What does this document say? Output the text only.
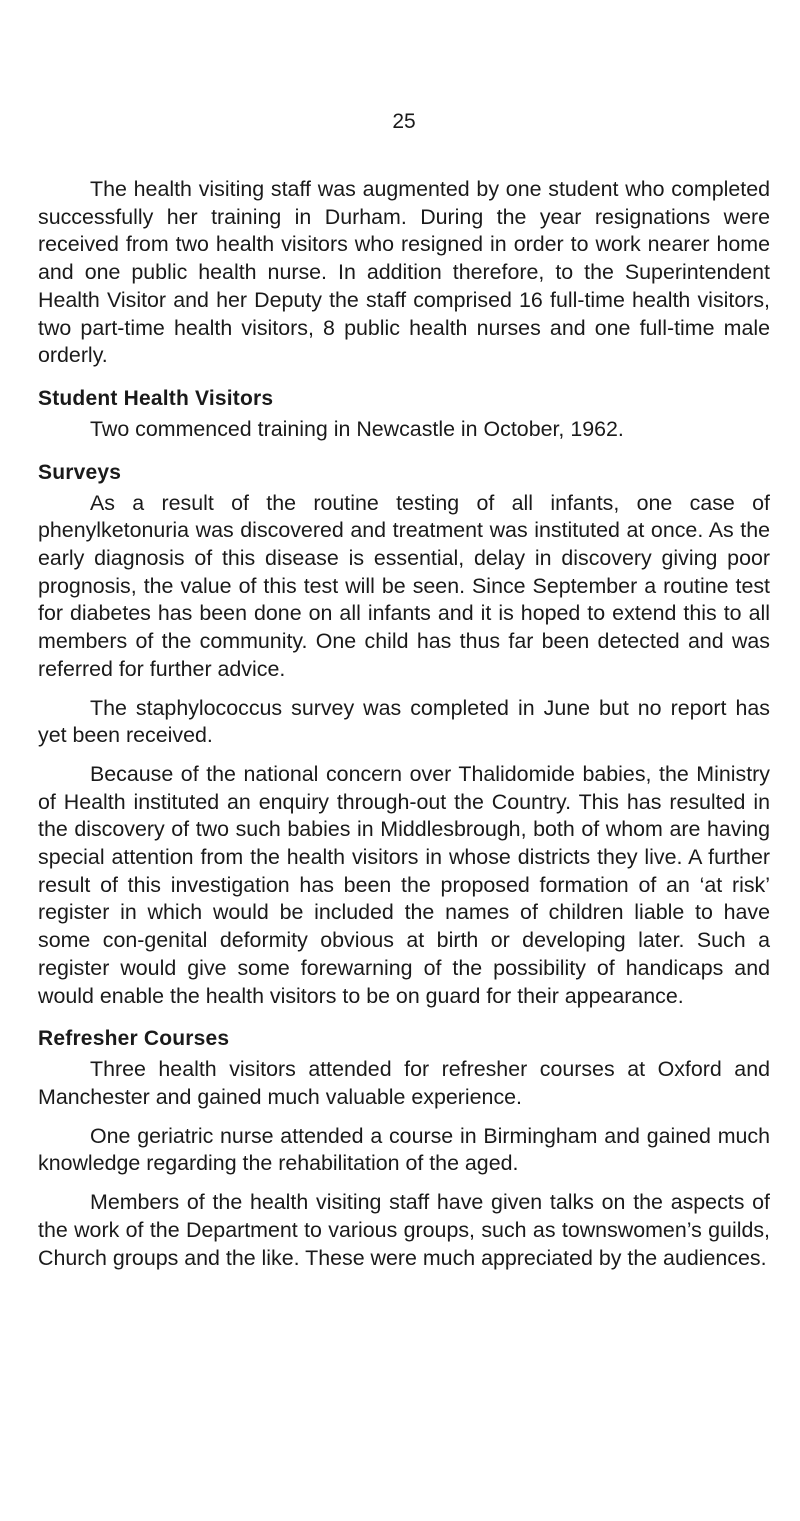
25

The health visiting staff was augmented by one student who completed successfully her training in Durham. During the year resignations were received from two health visitors who resigned in order to work nearer home and one public health nurse. In addition therefore, to the Superintendent Health Visitor and her Deputy the staff comprised 16 full-time health visitors, two part-time health visitors, 8 public health nurses and one full-time male orderly.

Student Health Visitors

Two commenced training in Newcastle in October, 1962.

Surveys

As a result of the routine testing of all infants, one case of phenylketonuria was discovered and treatment was instituted at once. As the early diagnosis of this disease is essential, delay in discovery giving poor prognosis, the value of this test will be seen. Since September a routine test for diabetes has been done on all infants and it is hoped to extend this to all members of the community. One child has thus far been detected and was referred for further advice.

The staphylococcus survey was completed in June but no report has yet been received.

Because of the national concern over Thalidomide babies, the Ministry of Health instituted an enquiry through-out the Country. This has resulted in the discovery of two such babies in Middlesbrough, both of whom are having special attention from the health visitors in whose districts they live. A further result of this investigation has been the proposed formation of an ‘at risk’ register in which would be included the names of children liable to have some con-genital deformity obvious at birth or developing later. Such a register would give some forewarning of the possibility of handicaps and would enable the health visitors to be on guard for their appearance.

Refresher Courses

Three health visitors attended for refresher courses at Oxford and Manchester and gained much valuable experience.

One geriatric nurse attended a course in Birmingham and gained much knowledge regarding the rehabilitation of the aged.

Members of the health visiting staff have given talks on the aspects of the work of the Department to various groups, such as townswomen’s guilds, Church groups and the like. These were much appreciated by the audiences.
